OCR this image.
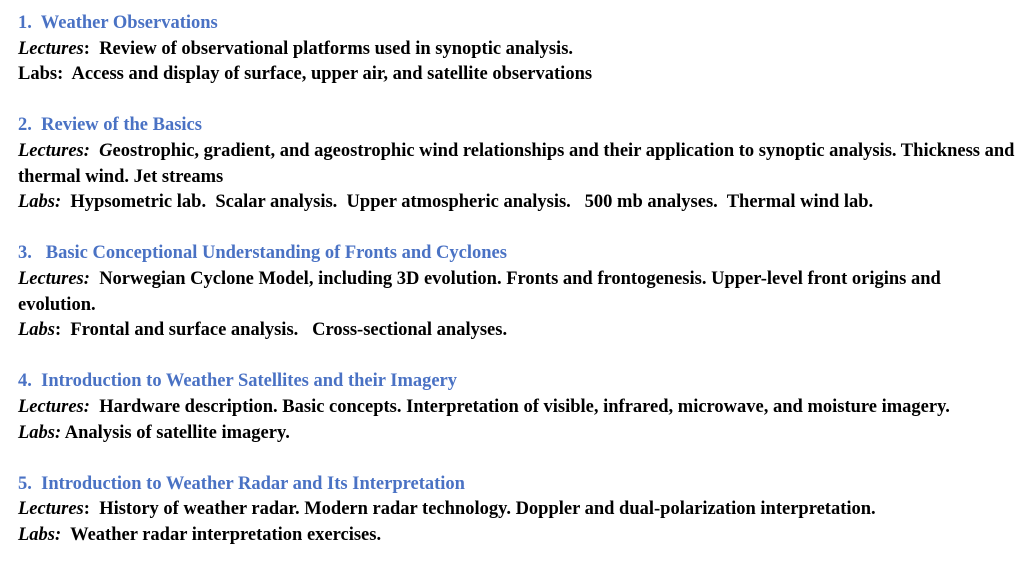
1.  Weather Observations

Lectures:  Review of observational platforms used in synoptic analysis.

Labs:  Access and display of surface, upper air, and satellite observations

2.  Review of the Basics

Lectures:  Geostrophic, gradient, and ageostrophic wind relationships and their application to synoptic analysis. Thickness and thermal wind. Jet streams

Labs: Hypsometric lab.  Scalar analysis.  Upper atmospheric analysis.   500 mb analyses.  Thermal wind lab.

3.   Basic Conceptional Understanding of Fronts and Cyclones

Lectures: Norwegian Cyclone Model, including 3D evolution. Fronts and frontogenesis. Upper-level front origins and evolution.

Labs:  Frontal and surface analysis.   Cross-sectional analyses.

4.  Introduction to Weather Satellites and their Imagery

Lectures: Hardware description. Basic concepts. Interpretation of visible, infrared, microwave, and moisture imagery.

Labs: Analysis of satellite imagery.

5.  Introduction to Weather Radar and Its Interpretation

Lectures:  History of weather radar. Modern radar technology. Doppler and dual-polarization interpretation.

Labs: Weather radar interpretation exercises.
